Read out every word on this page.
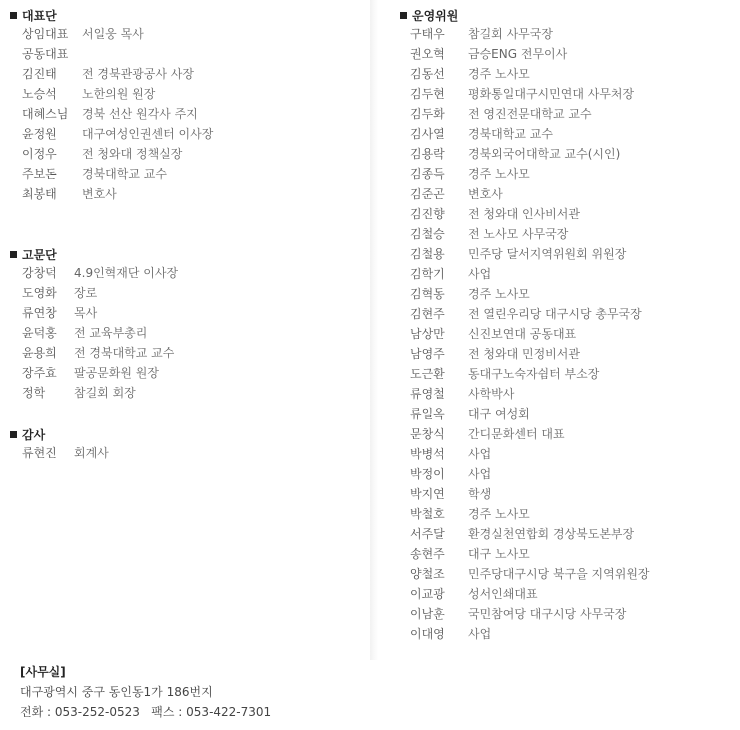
대표단
상임대표 서일웅 목사
공동대표
김진태 전 경북관광공사 사장
노승석 노한의원 원장
대혜스님 경북 선산 원각사 주지
윤정원 대구여성인권센터 이사장
이정우 전 청와대 정책실장
주보돈 경북대학교 교수
최봉태 변호사
고문단
강창덕 4.9인혁재단 이사장
도영화 장로
류연창 목사
윤덕홍 전 교육부총리
윤용희 전 경북대학교 교수
장주효 팔공문화원 원장
정학 참길회 회장
감사
류현진 회계사
운영위원
구태우 참길회 사무국장
권오혁 금승ENG 전무이사
김동선 경주 노사모
김두현 평화통일대구시민연대 사무처장
김두화 전 영진전문대학교 교수
김사열 경북대학교 교수
김용락 경북외국어대학교 교수(시인)
김종득 경주 노사모
김준곤 변호사
김진향 전 청와대 인사비서관
김철승 전 노사모 사무국장
김철용 민주당 달서지역위원회 위원장
김학기 사업
김혁동 경주 노사모
김현주 전 열린우리당 대구시당 총무국장
남상만 신진보연대 공동대표
남영주 전 청와대 민정비서관
도근환 동대구노숙자쉼터 부소장
류영철 사학박사
류일옥 대구 여성회
문창식 간디문화센터 대표
박병석 사업
박정이 사업
박지연 학생
박철호 경주 노사모
서주달 환경실천연합회 경상북도본부장
송현주 대구 노사모
양철조 민주당대구시당 북구을 지역위원장
이교광 성서인쇄대표
이남훈 국민참여당 대구시당 사무국장
이대영 사업
[사무실]
대구광역시 중구 동인동1가 186번지
전화 : 053-252-0523   팩스 : 053-422-7301
